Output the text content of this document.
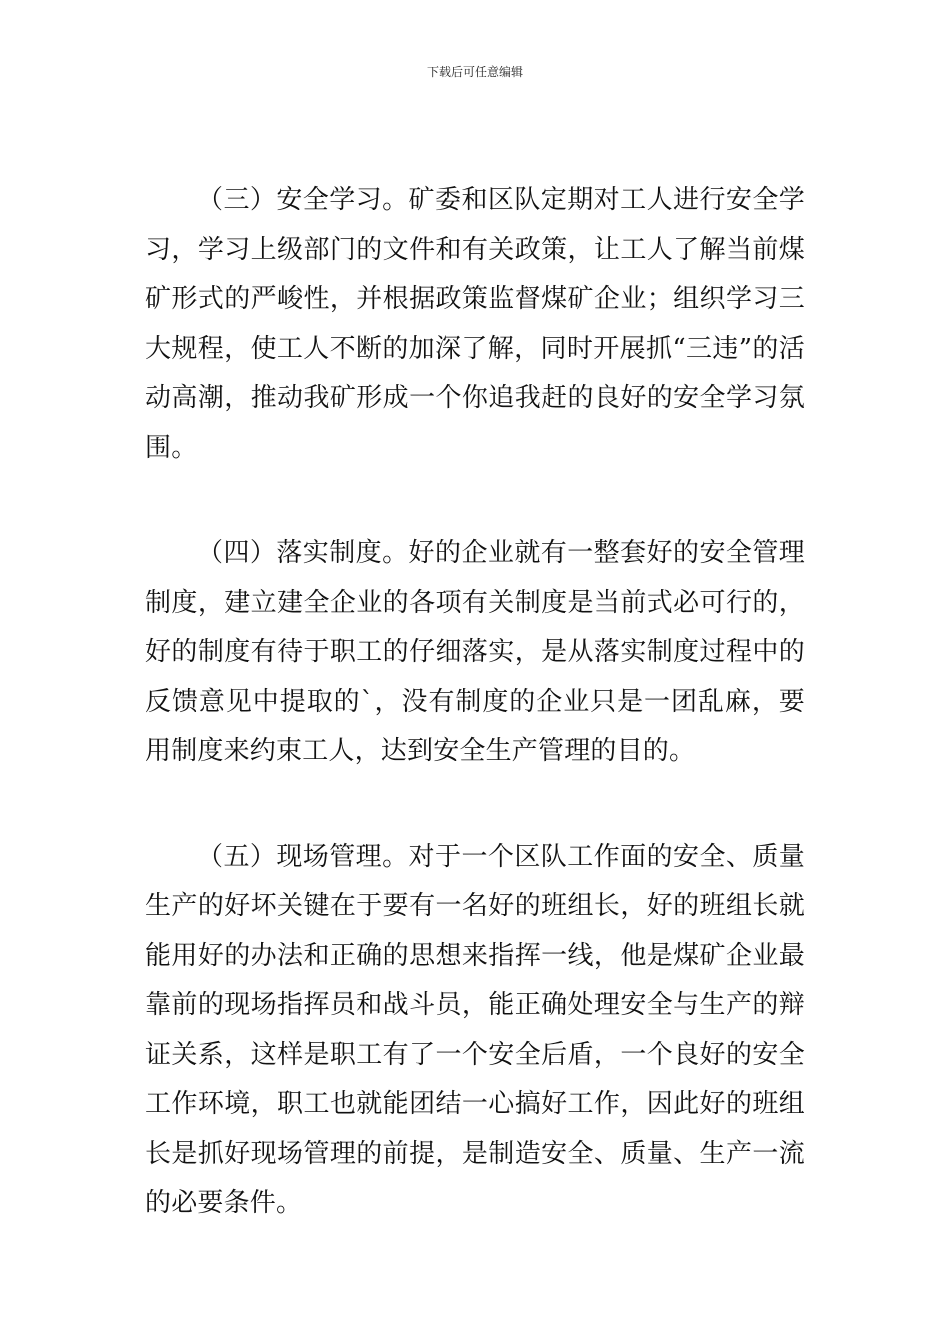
下载后可任意编辑

（三）安全学习。矿委和区队定期对工人进行安全学习，学习上级部门的文件和有关政策，让工人了解当前煤矿形式的严峻性，并根据政策监督煤矿企业；组织学习三大规程，使工人不断的加深了解，同时开展抓“三违”的活动高潮，推动我矿形成一个你追我赶的良好的安全学习氛围。

（四）落实制度。好的企业就有一整套好的安全管理制度，建立建全企业的各项有关制度是当前式必可行的，好的制度有待于职工的仔细落实，是从落实制度过程中的反馈意见中提取的`，没有制度的企业只是一团乱麻，要用制度来约束工人，达到安全生产管理的目的。

（五）现场管理。对于一个区队工作面的安全、质量生产的好坏关键在于要有一名好的班组长，好的班组长就能用好的办法和正确的思想来指挥一线，他是煤矿企业最靠前的现场指挥员和战斗员，能正确处理安全与生产的辩证关系，这样是职工有了一个安全后盾，一个良好的安全工作环境，职工也就能团结一心搞好工作，因此好的班组长是抓好现场管理的前提，是制造安全、质量、生产一流的必要条件。
